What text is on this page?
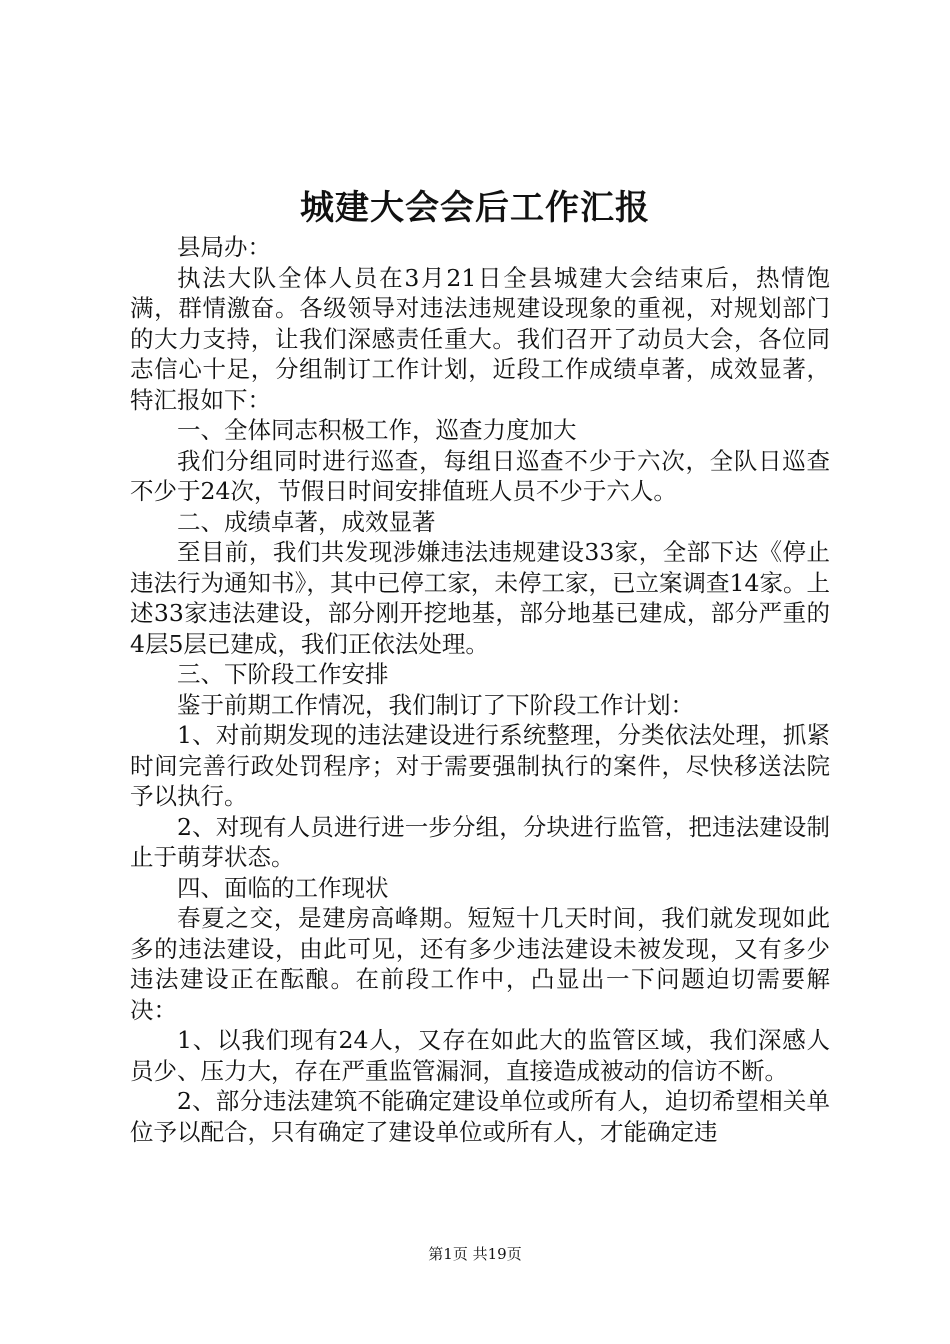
城建大会会后工作汇报

县局办：

执法大队全体人员在3月21日全县城建大会结束后，热情饱满，群情激奋。各级领导对违法违规建设现象的重视，对规划部门的大力支持，让我们深感责任重大。我们召开了动员大会，各位同志信心十足，分组制订工作计划，近段工作成绩卓著，成效显著，特汇报如下：

一、全体同志积极工作，巡查力度加大

我们分组同时进行巡查，每组日巡查不少于六次，全队日巡查不少于24次，节假日时间安排值班人员不少于六人。

二、成绩卓著，成效显著

至目前，我们共发现涉嫌违法违规建设33家，全部下达《停止违法行为通知书》，其中已停工家，未停工家，已立案调查14家。上述33家违法建设，部分刚开挖地基，部分地基已建成，部分严重的4层5层已建成，我们正依法处理。

三、下阶段工作安排

鉴于前期工作情况，我们制订了下阶段工作计划：

1、对前期发现的违法建设进行系统整理，分类依法处理，抓紧时间完善行政处罚程序；对于需要强制执行的案件，尽快移送法院予以执行。

2、对现有人员进行进一步分组，分块进行监管，把违法建设制止于萌芽状态。

四、面临的工作现状

春夏之交，是建房高峰期。短短十几天时间，我们就发现如此多的违法建设，由此可见，还有多少违法建设未被发现，又有多少违法建设正在酝酿。在前段工作中，凸显出一下问题迫切需要解决：

1、以我们现有24人，又存在如此大的监管区域，我们深感人员少、压力大，存在严重监管漏洞，直接造成被动的信访不断。

2、部分违法建筑不能确定建设单位或所有人，迫切希望相关单位予以配合，只有确定了建设单位或所有人，才能确定违

第1页 共19页
